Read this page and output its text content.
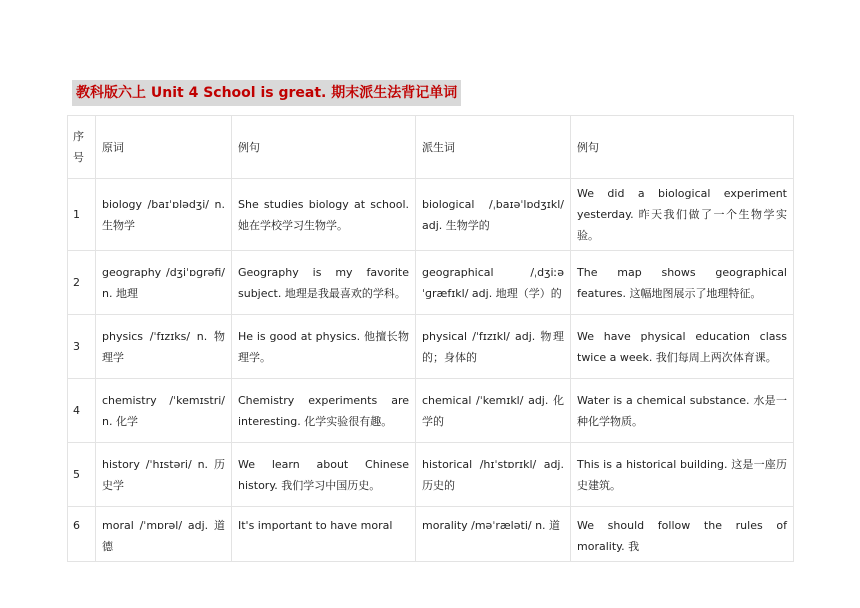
教科版六上 Unit 4 School is great. 期末派生法背记单词
序号	原词	例句	派生词	例句
1	biology /baɪˈɒlədʒi/ n. 生物学	She studies biology at school. 她在学校学习生物学。	biological /ˌbaɪəˈlɒdʒɪkl/ adj. 生物学的	We did a biological experiment yesterday. 昨天我们做了一个生物学实验。
2	geography /dʒiˈɒɡrəfi/ n. 地理	Geography is my favorite subject. 地理是我最喜欢的学科。	geographical /ˌdʒiːəˈɡræfɪkl/ adj. 地理（学）的	The map shows geographical features. 这幅地图展示了地理特征。
3	physics /ˈfɪzɪks/ n. 物理学	He is good at physics. 他擅长物理学。	physical /ˈfɪzɪkl/ adj. 物理的；身体的	We have physical education class twice a week. 我们每周上两次体育课。
4	chemistry /ˈkemɪstri/ n. 化学	Chemistry experiments are interesting. 化学实验很有趣。	chemical /ˈkemɪkl/ adj. 化学的	Water is a chemical substance. 水是一种化学物质。
5	history /ˈhɪstəri/ n. 历史学	We learn about Chinese history. 我们学习中国历史。	historical /hɪˈstɒrɪkl/ adj. 历史的	This is a historical building. 这是一座历史建筑。
6	moral /ˈmɒrəl/ adj. 道德	It's important to have moral	morality /məˈræləti/ n. 道	We should follow the rules of morality. 我
